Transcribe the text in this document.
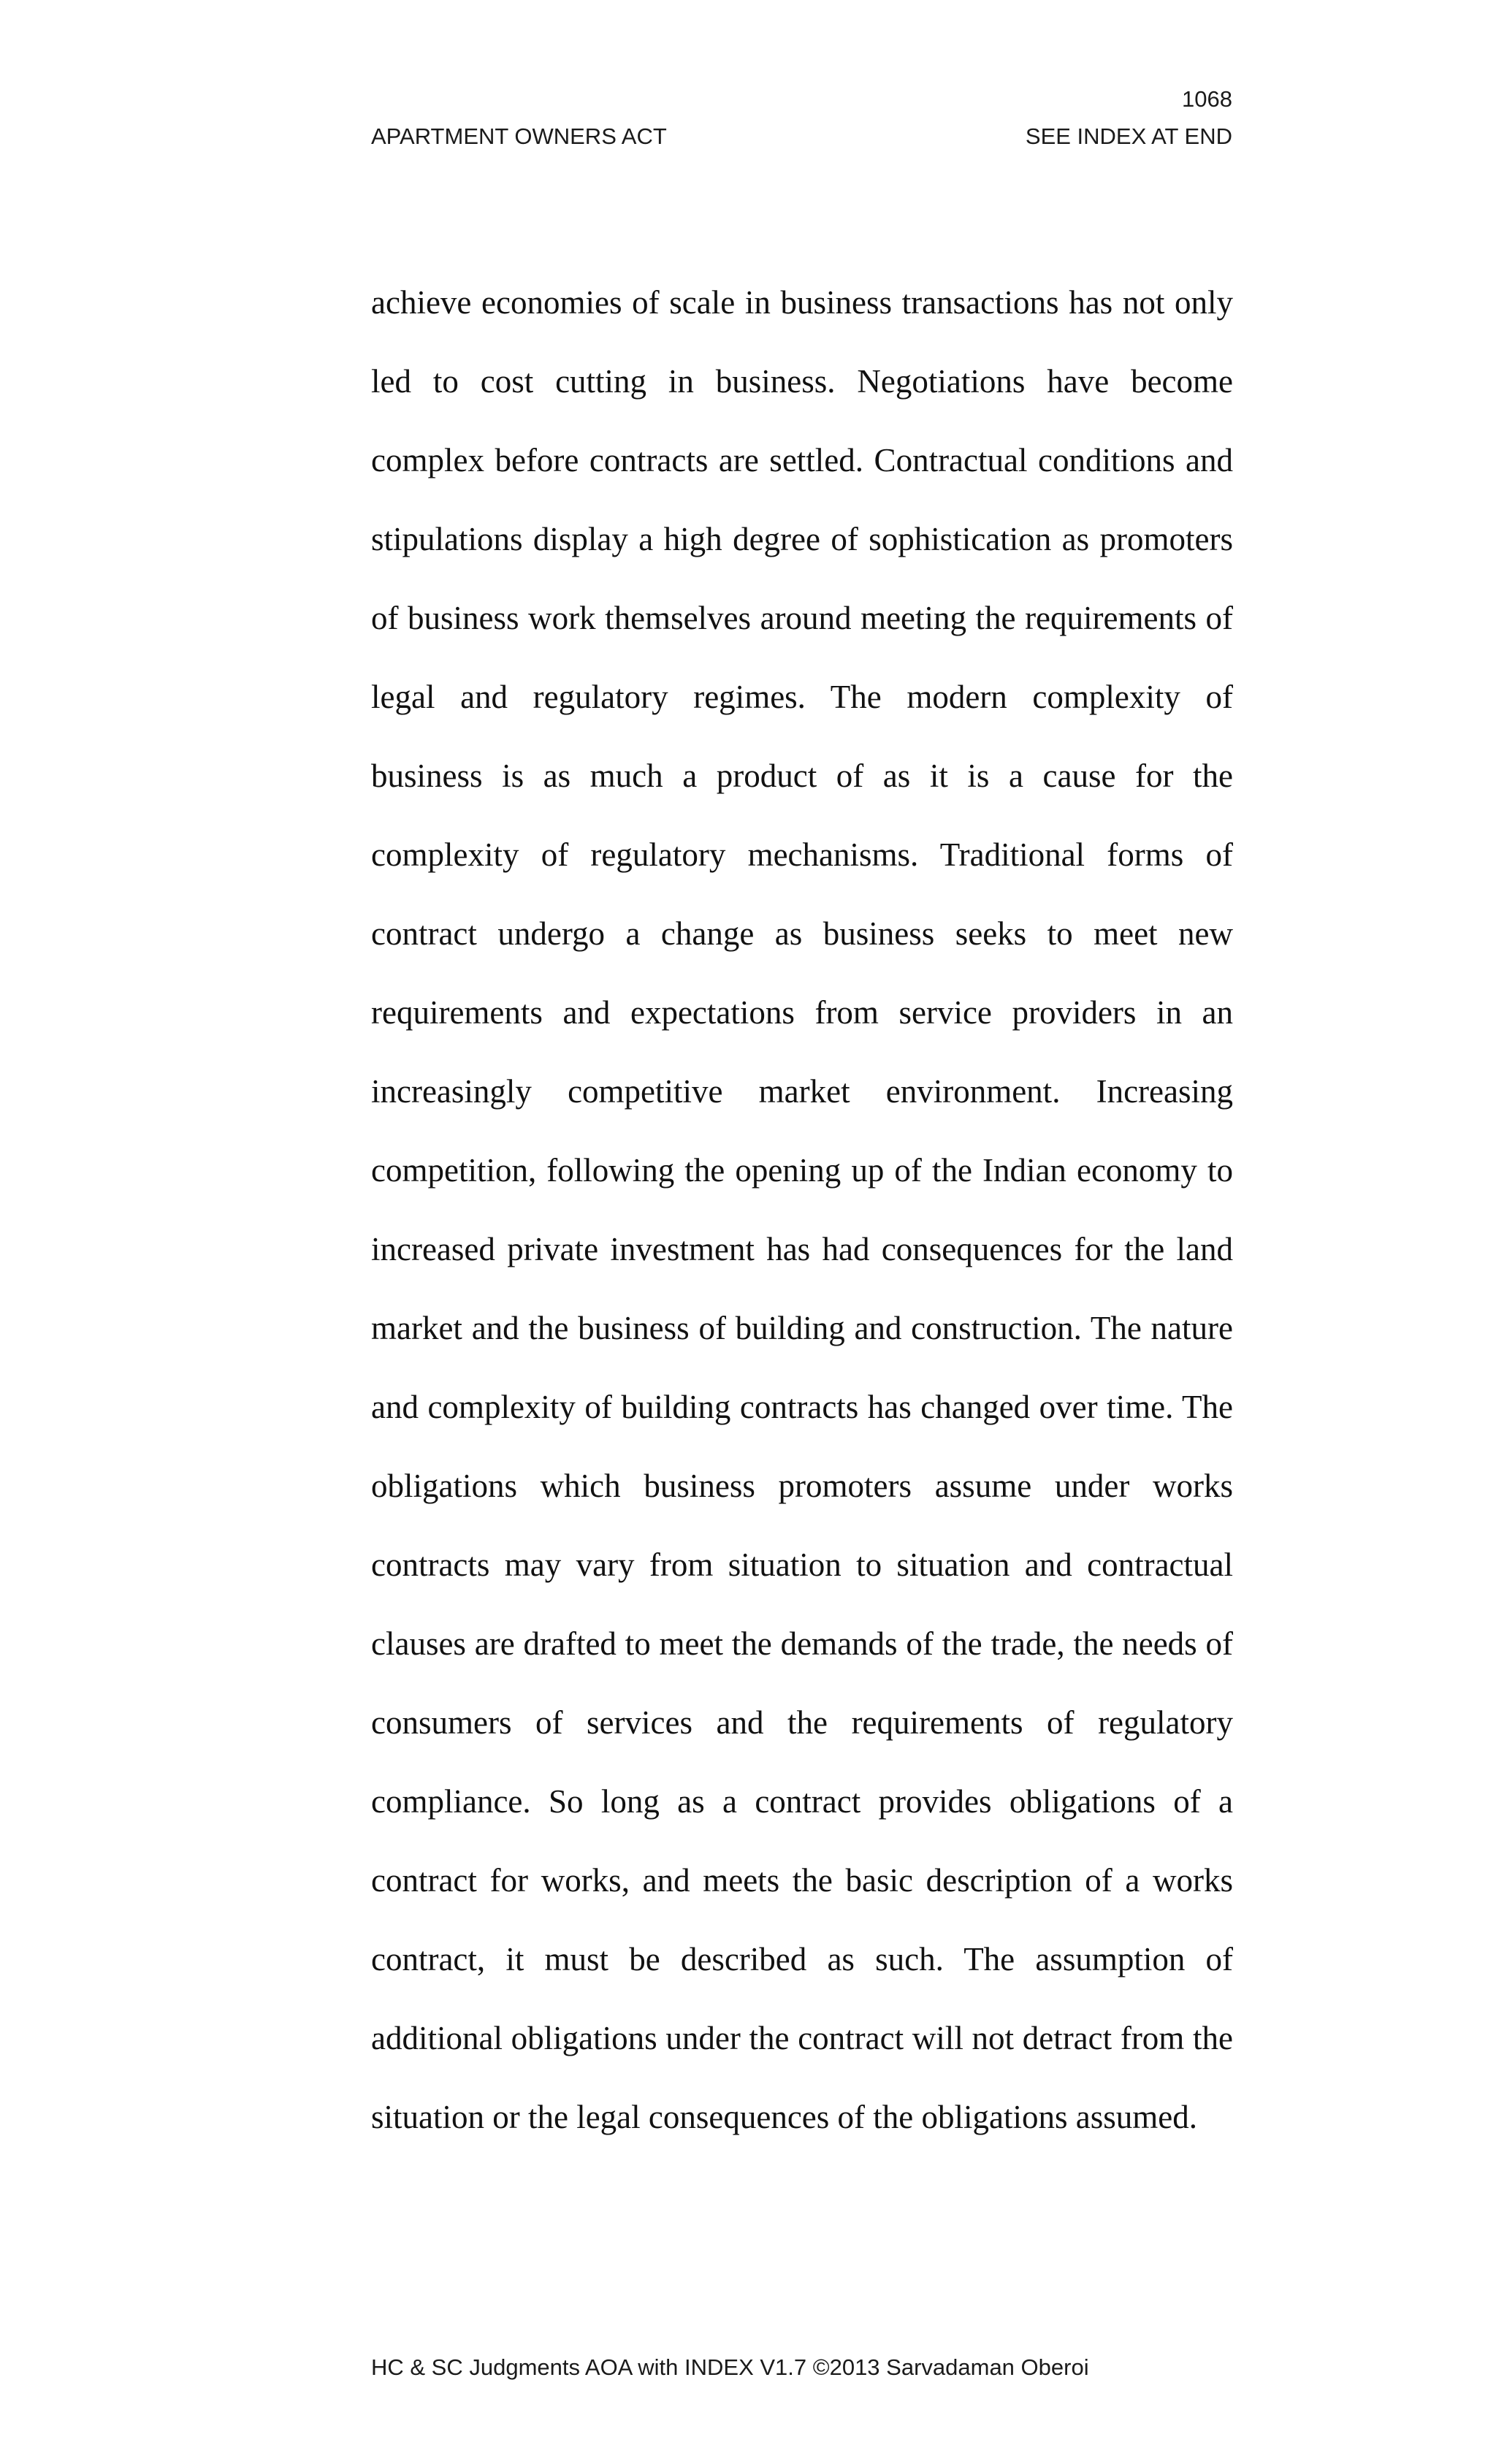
1068
APARTMENT OWNERS ACT	SEE INDEX AT END

achieve economies of scale in business transactions has not only led to cost cutting in business. Negotiations have become complex before contracts are settled. Contractual conditions and stipulations display a high degree of sophistication as promoters of business work themselves around meeting the requirements of legal and regulatory regimes. The modern complexity of business is as much a product of as it is a cause for the complexity of regulatory mechanisms. Traditional forms of contract undergo a change as business seeks to meet new requirements and expectations from service providers in an increasingly competitive market environment. Increasing competition, following the opening up of the Indian economy to increased private investment has had consequences for the land market and the business of building and construction. The nature and complexity of building contracts has changed over time. The obligations which business promoters assume under works contracts may vary from situation to situation and contractual clauses are drafted to meet the demands of the trade, the needs of consumers of services and the requirements of regulatory compliance. So long as a contract provides obligations of a contract for works, and meets the basic description of a works contract, it must be described as such. The assumption of additional obligations under the contract will not detract from the situation or the legal consequences of the obligations assumed.

HC & SC Judgments AOA with INDEX V1.7 ©2013 Sarvadaman Oberoi
